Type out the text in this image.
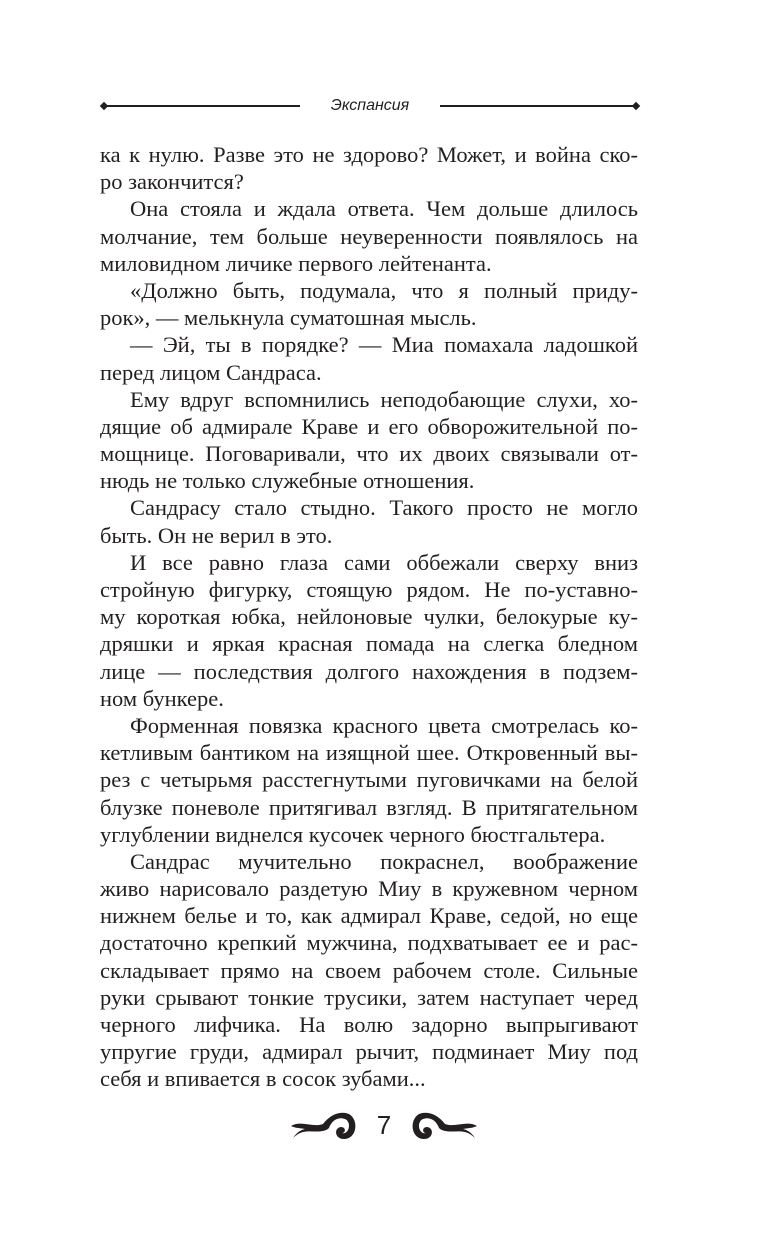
Экспансия
ка к нулю. Разве это не здорово? Может, и война ско-
ро закончится?
Она стояла и ждала ответа. Чем дольше длилось
молчание, тем больше неуверенности появлялось на
миловидном личике первого лейтенанта.
«Должно быть, подумала, что я полный приду-
рок», — мелькнула суматошная мысль.
— Эй, ты в порядке? — Миа помахала ладошкой
перед лицом Сандраса.
Ему вдруг вспомнились неподобающие слухи, хо-
дящие об адмирале Краве и его обворожительной по-
мощнице. Поговаривали, что их двоих связывали от-
нюдь не только служебные отношения.
Сандрасу стало стыдно. Такого просто не могло
быть. Он не верил в это.
И все равно глаза сами оббежали сверху вниз
стройную фигурку, стоящую рядом. Не по-уставно-
му короткая юбка, нейлоновые чулки, белокурые ку-
дряшки и яркая красная помада на слегка бледном
лице — последствия долгого нахождения в подзем-
ном бункере.
Форменная повязка красного цвета смотрелась ко-
кетливым бантиком на изящной шее. Откровенный вы-
рез с четырьмя расстегнутыми пуговичками на белой
блузке поневоле притягивал взгляд. В притягательном
углублении виднелся кусочек черного бюстгальтера.
Сандрас мучительно покраснел, воображение
живо нарисовало раздетую Миу в кружевном черном
нижнем белье и то, как адмирал Краве, седой, но еще
достаточно крепкий мужчина, подхватывает ее и рас-
складывает прямо на своем рабочем столе. Сильные
руки срывают тонкие трусики, затем наступает черед
черного лифчика. На волю задорно выпрыгивают
упругие груди, адмирал рычит, подминает Миу под
себя и впивается в сосок зубами...
7
